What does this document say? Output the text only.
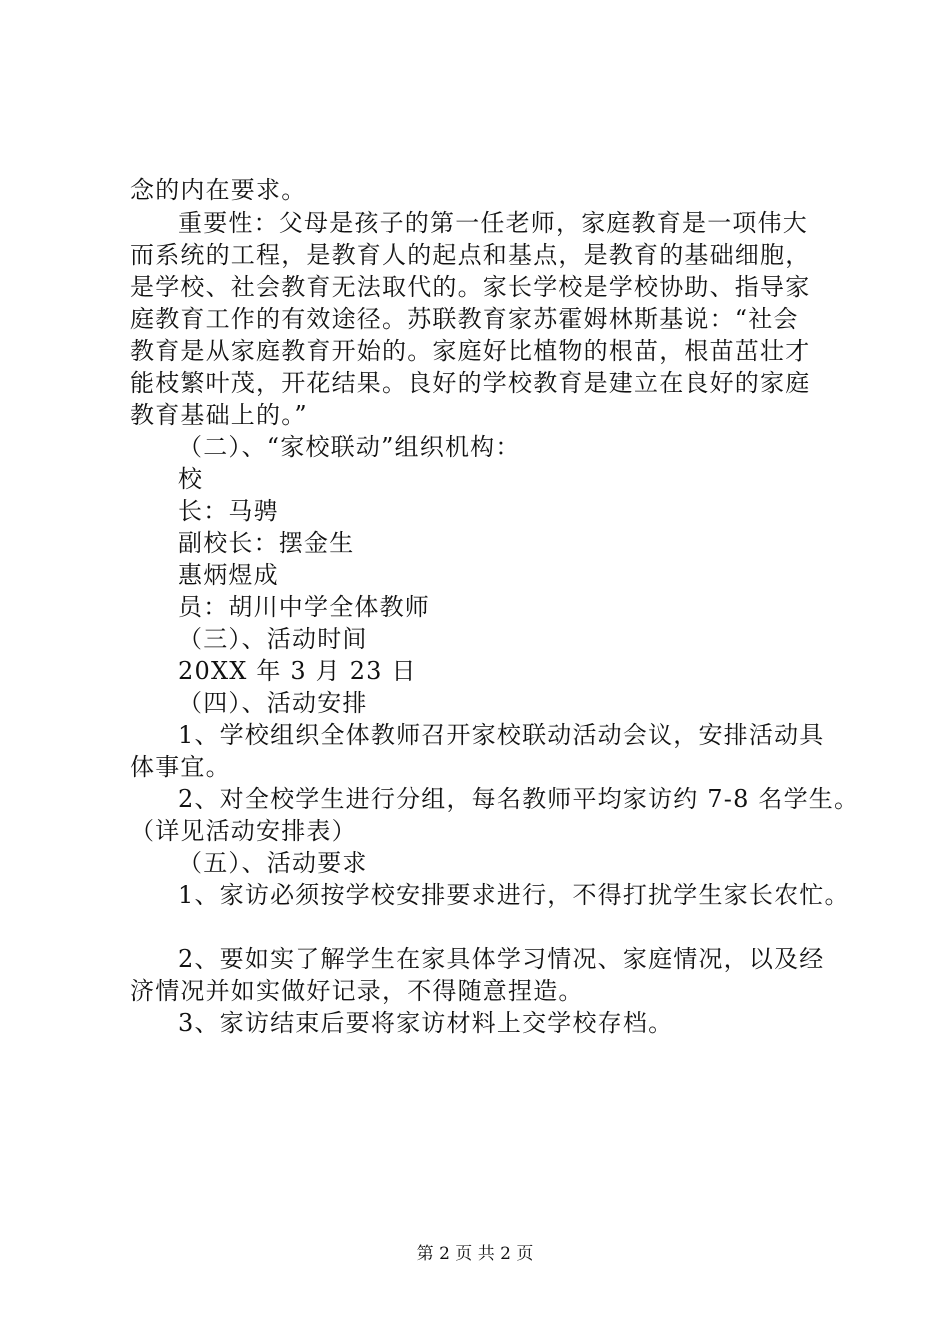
念的内在要求。
重要性：父母是孩子的第一任老师，家庭教育是一项伟大
而系统的工程，是教育人的起点和基点，是教育的基础细胞，
是学校、社会教育无法取代的。家长学校是学校协助、指导家
庭教育工作的有效途径。苏联教育家苏霍姆林斯基说：“社会
教育是从家庭教育开始的。家庭好比植物的根苗，根苗茁壮才
能枝繁叶茂，开花结果。良好的学校教育是建立在良好的家庭
教育基础上的。”
（二）、“家校联动”组织机构：
校
长：马骋
副校长：摆金生
惠炳煜成
员：胡川中学全体教师
（三）、活动时间
20XX 年 3 月 23 日
（四）、活动安排
1、学校组织全体教师召开家校联动活动会议，安排活动具
体事宜。
2、对全校学生进行分组，每名教师平均家访约 7-8 名学生。
（详见活动安排表）
（五）、活动要求
1、家访必须按学校安排要求进行，不得打扰学生家长农忙。
2、要如实了解学生在家具体学习情况、家庭情况，以及经
济情况并如实做好记录，不得随意捏造。
3、家访结束后要将家访材料上交学校存档。
第 2 页 共 2 页
